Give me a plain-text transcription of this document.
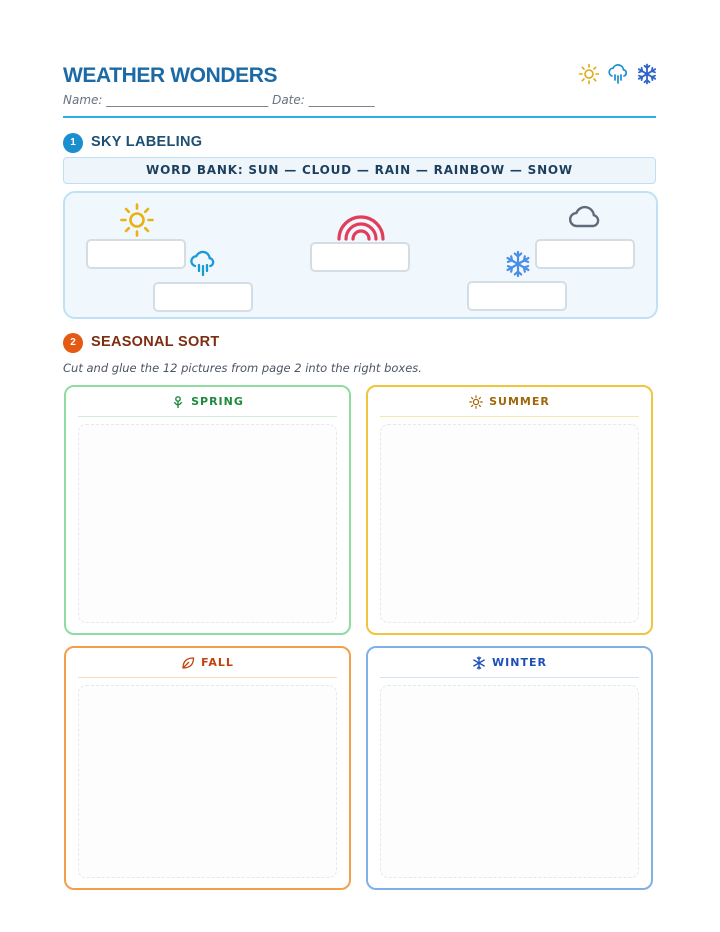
WEATHER WONDERS
Name: ___________________________ Date: ___________
1	SKY LABELING
WORD BANK: SUN — CLOUD — RAIN — RAINBOW — SNOW
2	SEASONAL SORT
Cut and glue the 12 pictures from page 2 into the right boxes.
SPRING	SUMMER
FALL	WINTER
